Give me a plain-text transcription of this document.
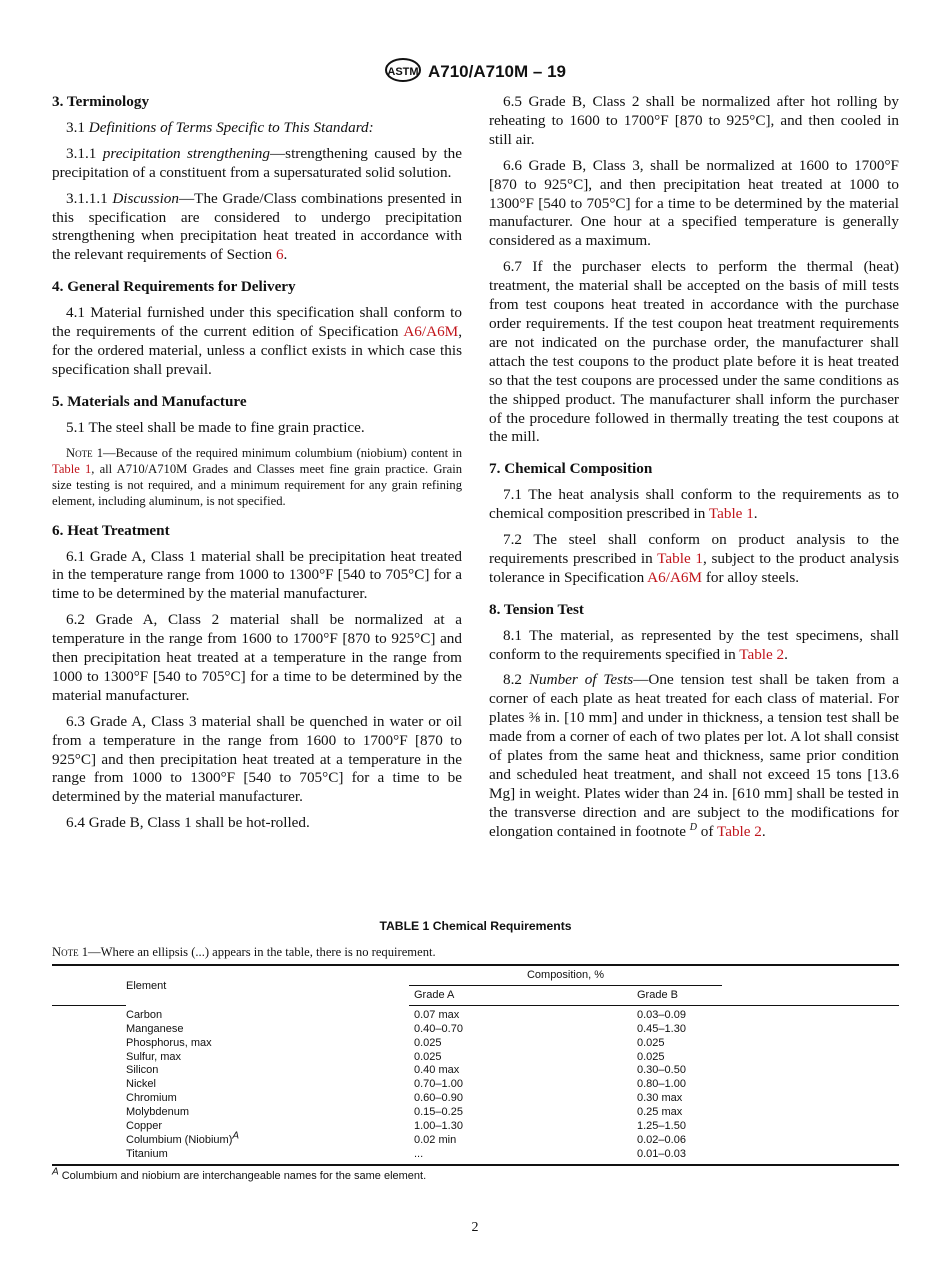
ASTM A710/A710M – 19
3. Terminology

3.1 Definitions of Terms Specific to This Standard:

3.1.1 precipitation strengthening—strengthening caused by the precipitation of a constituent from a supersaturated solid solution.

3.1.1.1 Discussion—The Grade/Class combinations presented in this specification are considered to undergo precipitation strengthening when precipitation heat treated in accordance with the relevant requirements of Section 6.

4. General Requirements for Delivery

4.1 Material furnished under this specification shall conform to the requirements of the current edition of Specification A6/A6M, for the ordered material, unless a conflict exists in which case this specification shall prevail.

5. Materials and Manufacture

5.1 The steel shall be made to fine grain practice.

Note 1—Because of the required minimum columbium (niobium) content in Table 1, all A710/A710M Grades and Classes meet fine grain practice. Grain size testing is not required, and a minimum requirement for any grain refining element, including aluminum, is not specified.

6. Heat Treatment

6.1 Grade A, Class 1 material shall be precipitation heat treated in the temperature range from 1000 to 1300°F [540 to 705°C] for a time to be determined by the material manufacturer.

6.2 Grade A, Class 2 material shall be normalized at a temperature in the range from 1600 to 1700°F [870 to 925°C] and then precipitation heat treated at a temperature in the range from 1000 to 1300°F [540 to 705°C] for a time to be determined by the material manufacturer.

6.3 Grade A, Class 3 material shall be quenched in water or oil from a temperature in the range from 1600 to 1700°F [870 to 925°C] and then precipitation heat treated at a temperature in the range from 1000 to 1300°F [540 to 705°C] for a time to be determined by the material manufacturer.

6.4 Grade B, Class 1 shall be hot-rolled.

6.5 Grade B, Class 2 shall be normalized after hot rolling by reheating to 1600 to 1700°F [870 to 925°C], and then cooled in still air.

6.6 Grade B, Class 3, shall be normalized at 1600 to 1700°F [870 to 925°C], and then precipitation heat treated at 1000 to 1300°F [540 to 705°C] for a time to be determined by the material manufacturer. One hour at a specified temperature is generally considered as a maximum.

6.7 If the purchaser elects to perform the thermal (heat) treatment, the material shall be accepted on the basis of mill tests from test coupons heat treated in accordance with the purchase order requirements. If the test coupon heat treatment requirements are not indicated on the purchase order, the manufacturer shall attach the test coupons to the product plate before it is heat treated so that the test coupons are processed under the same conditions as the shipped product. The manufacturer shall inform the purchaser of the procedure followed in thermally treating the test coupons at the mill.

7. Chemical Composition

7.1 The heat analysis shall conform to the requirements as to chemical composition prescribed in Table 1.

7.2 The steel shall conform on product analysis to the requirements prescribed in Table 1, subject to the product analysis tolerance in Specification A6/A6M for alloy steels.

8. Tension Test

8.1 The material, as represented by the test specimens, shall conform to the requirements specified in Table 2.

8.2 Number of Tests—One tension test shall be taken from a corner of each plate as heat treated for each class of material. For plates ⅜ in. [10 mm] and under in thickness, a tension test shall be made from a corner of each of two plates per lot. A lot shall consist of plates from the same heat and thickness, same prior condition and scheduled heat treatment, and shall not exceed 15 tons [13.6 Mg] in weight. Plates wider than 24 in. [610 mm] shall be tested in the transverse direction and are subject to the modifications for elongation contained in footnote $^D$ of Table 2.

TABLE 1 Chemical Requirements
Note 1—Where an ellipsis (...) appears in the table, there is no requirement.
	Element	Composition, %		
		Grade A	Grade B	
	Carbon	0.07 max	0.03–0.09	
	Manganese	0.40–0.70	0.45–1.30	
	Phosphorus, max	0.025	0.025	
	Sulfur, max	0.025	0.025	
	Silicon	0.40 max	0.30–0.50	
	Nickel	0.70–1.00	0.80–1.00	
	Chromium	0.60–0.90	0.30 max	
	Molybdenum	0.15–0.25	0.25 max	
	Copper	1.00–1.30	1.25–1.50	
	Columbium (Niobium)$^A$	0.02 min	0.02–0.06	
	Titanium	...	0.01–0.03	
$^A$ Columbium and niobium are interchangeable names for the same element.
2
